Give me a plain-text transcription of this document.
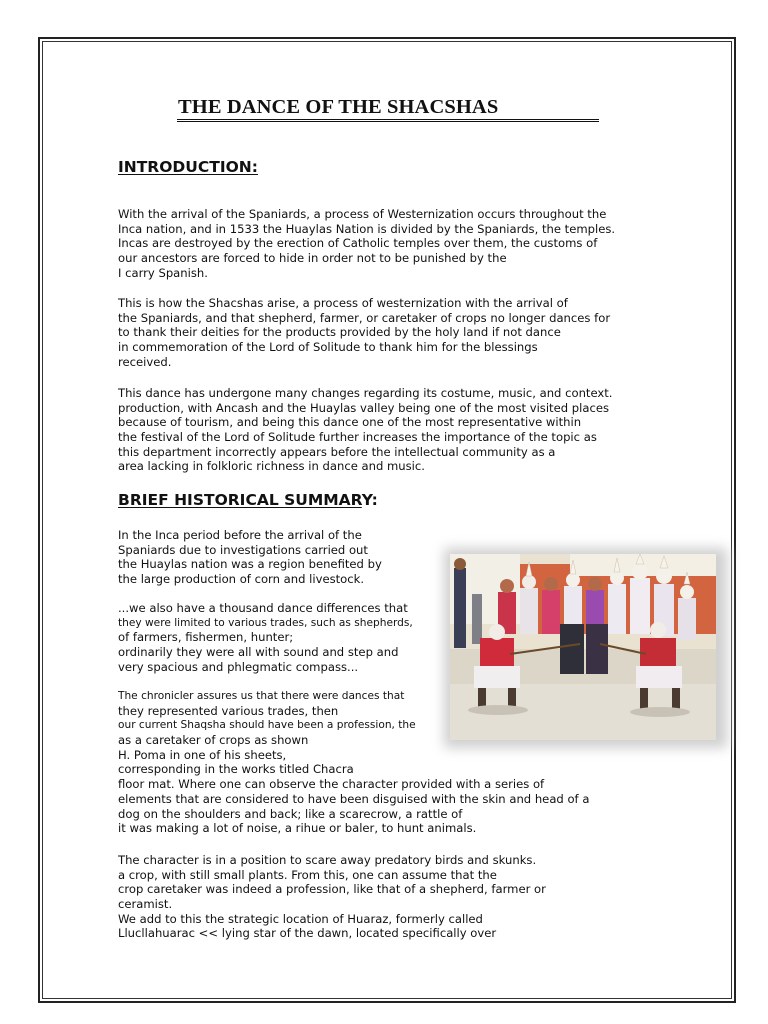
THE DANCE OF THE SHACSHAS
INTRODUCTION:
With the arrival of the Spaniards, a process of Westernization occurs throughout the
Inca nation, and in 1533 the Huaylas Nation is divided by the Spaniards, the temples.
Incas are destroyed by the erection of Catholic temples over them, the customs of
our ancestors are forced to hide in order not to be punished by the
I carry Spanish.
This is how the Shacshas arise, a process of westernization with the arrival of
the Spaniards, and that shepherd, farmer, or caretaker of crops no longer dances for
to thank their deities for the products provided by the holy land if not dance
in commemoration of the Lord of Solitude to thank him for the blessings
received.
This dance has undergone many changes regarding its costume, music, and context.
production, with Ancash and the Huaylas valley being one of the most visited places
because of tourism, and being this dance one of the most representative within
the festival of the Lord of Solitude further increases the importance of the topic as
this department incorrectly appears before the intellectual community as a
area lacking in folkloric richness in dance and music.
BRIEF HISTORICAL SUMMARY:
In the Inca period before the arrival of the
Spaniards due to investigations carried out
the Huaylas nation was a region benefited by
the large production of corn and livestock.
...we also have a thousand dance differences that
they were limited to various trades, such as shepherds,
of farmers, fishermen, hunter;
ordinarily they were all with sound and step and
very spacious and phlegmatic compass...
The chronicler assures us that there were dances that
they represented various trades, then
our current Shaqsha should have been a profession, the
as a caretaker of crops as shown
H. Poma in one of his sheets,
corresponding in the works titled Chacra
floor mat. Where one can observe the character provided with a series of
elements that are considered to have been disguised with the skin and head of a
dog on the shoulders and back; like a scarecrow, a rattle of
it was making a lot of noise, a rihue or baler, to hunt animals.
The character is in a position to scare away predatory birds and skunks.
a crop, with still small plants. From this, one can assume that the
crop caretaker was indeed a profession, like that of a shepherd, farmer or
ceramist.
We add to this the strategic location of Huaraz, formerly called
Llucllahuarac << lying star of the dawn, located specifically over
